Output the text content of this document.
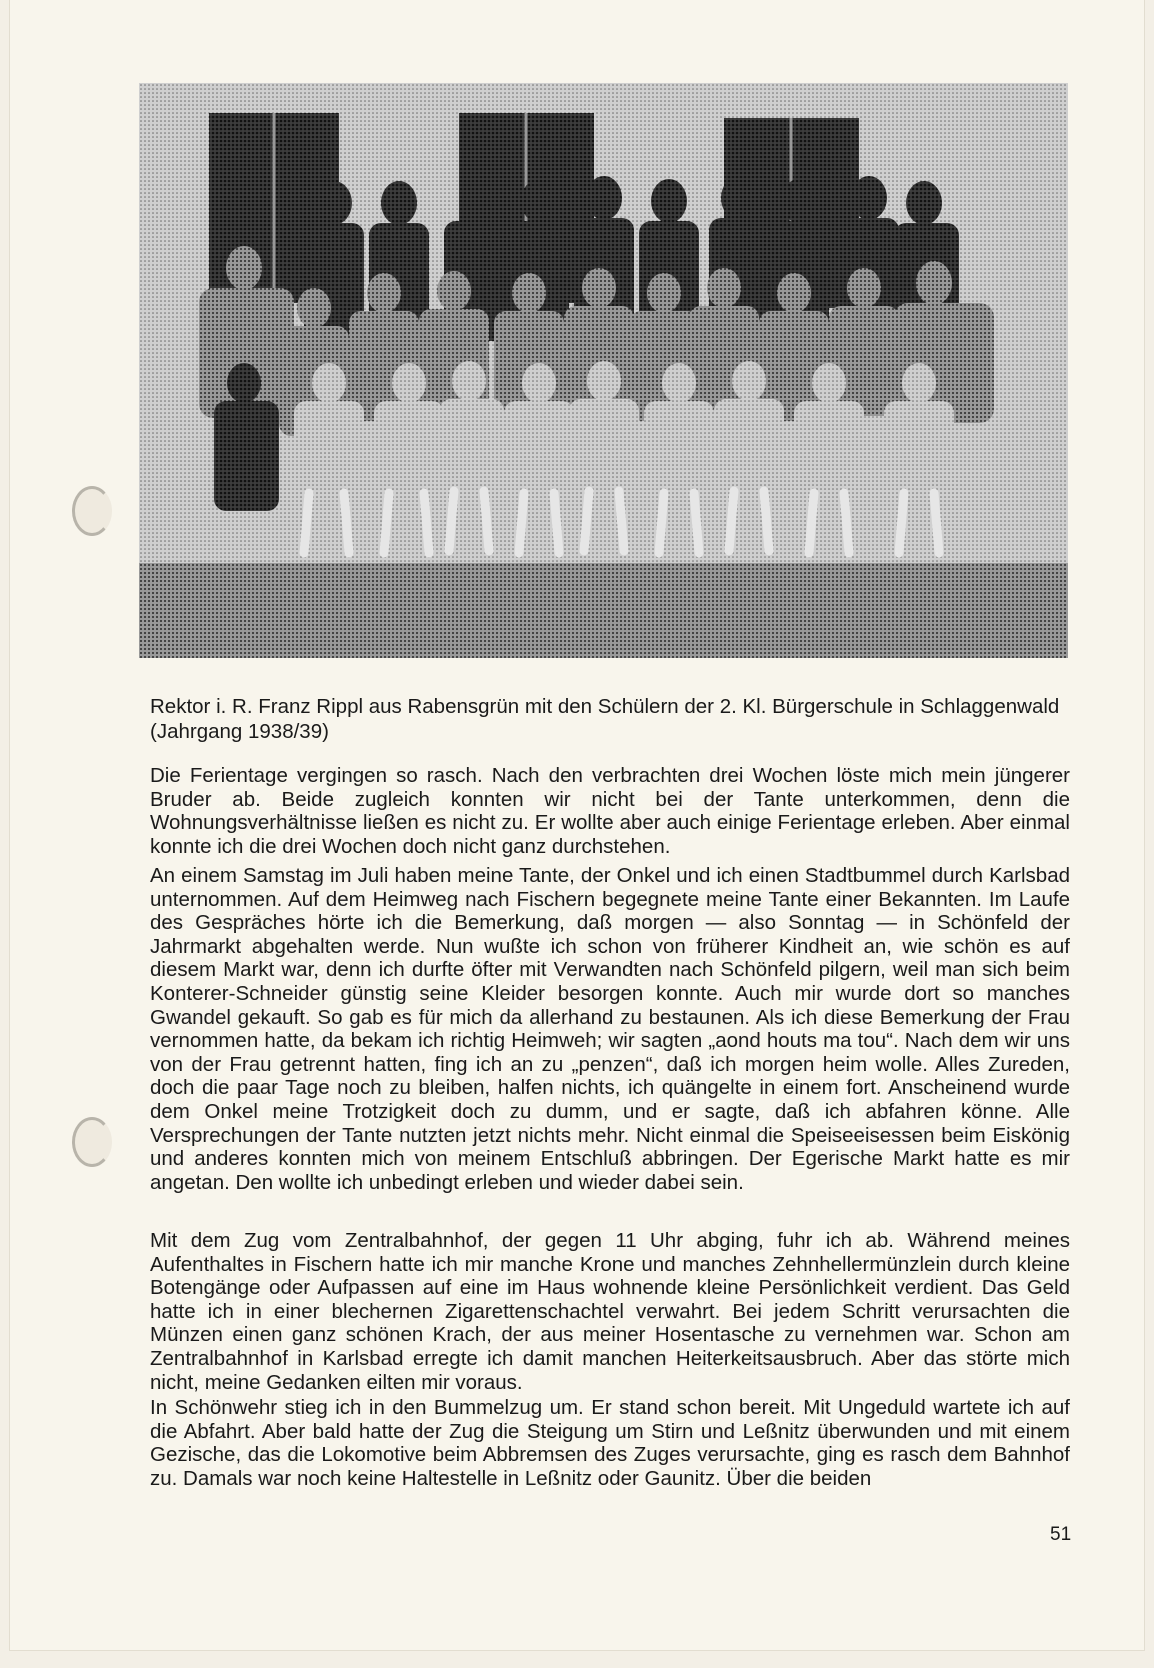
Rektor i. R. Franz Rippl aus Rabensgrün mit den Schülern der 2. Kl. Bürgerschule in Schlaggenwald (Jahrgang 1938/39)
Die Ferientage vergingen so rasch. Nach den verbrachten drei Wochen löste mich mein jüngerer Bruder ab. Beide zugleich konnten wir nicht bei der Tante unterkommen, denn die Wohnungsverhältnisse ließen es nicht zu. Er wollte aber auch einige Ferientage erleben. Aber einmal konnte ich die drei Wochen doch nicht ganz durchstehen.
An einem Samstag im Juli haben meine Tante, der Onkel und ich einen Stadtbummel durch Karlsbad unternommen. Auf dem Heimweg nach Fischern begegnete meine Tante einer Bekannten. Im Laufe des Gespräches hörte ich die Bemerkung, daß morgen — also Sonntag — in Schönfeld der Jahrmarkt abgehalten werde. Nun wußte ich schon von früherer Kindheit an, wie schön es auf diesem Markt war, denn ich durfte öfter mit Verwandten nach Schönfeld pilgern, weil man sich beim Konterer-Schneider günstig seine Kleider besorgen konnte. Auch mir wurde dort so manches Gwandel gekauft. So gab es für mich da allerhand zu bestaunen. Als ich diese Bemerkung der Frau vernommen hatte, da bekam ich richtig Heimweh; wir sagten „aond houts ma tou“. Nach dem wir uns von der Frau getrennt hatten, fing ich an zu „penzen“, daß ich morgen heim wolle. Alles Zureden, doch die paar Tage noch zu bleiben, halfen nichts, ich quängelte in einem fort. Anscheinend wurde dem Onkel meine Trotzigkeit doch zu dumm, und er sagte, daß ich abfahren könne. Alle Versprechungen der Tante nutzten jetzt nichts mehr. Nicht einmal die Speiseeisessen beim Eiskönig und anderes konnten mich von meinem Entschluß abbringen. Der Egerische Markt hatte es mir angetan. Den wollte ich unbedingt erleben und wieder dabei sein.
Mit dem Zug vom Zentralbahnhof, der gegen 11 Uhr abging, fuhr ich ab. Während meines Aufenthaltes in Fischern hatte ich mir manche Krone und manches Zehnhellermünzlein durch kleine Botengänge oder Aufpassen auf eine im Haus wohnende kleine Persönlichkeit verdient. Das Geld hatte ich in einer blechernen Zigarettenschachtel verwahrt. Bei jedem Schritt verursachten die Münzen einen ganz schönen Krach, der aus meiner Hosentasche zu vernehmen war. Schon am Zentralbahnhof in Karlsbad erregte ich damit manchen Heiterkeitsausbruch. Aber das störte mich nicht, meine Gedanken eilten mir voraus.
In Schönwehr stieg ich in den Bummelzug um. Er stand schon bereit. Mit Ungeduld wartete ich auf die Abfahrt. Aber bald hatte der Zug die Steigung um Stirn und Leßnitz überwunden und mit einem Gezische, das die Lokomotive beim Abbremsen des Zuges verursachte, ging es rasch dem Bahnhof zu. Damals war noch keine Haltestelle in Leßnitz oder Gaunitz. Über die beiden
51
